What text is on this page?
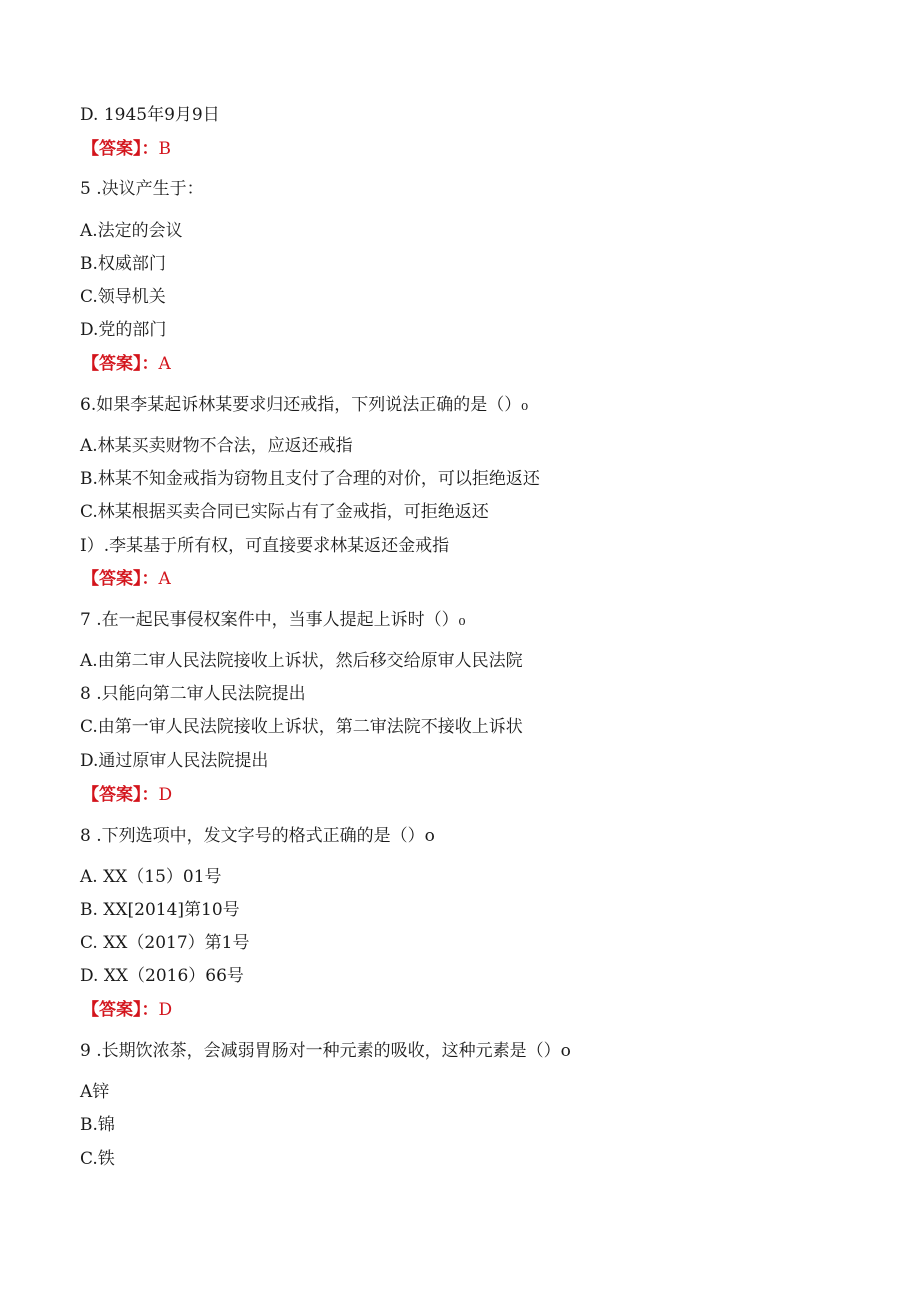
D. 1945年9月9日
【答案】：B
5 .决议产生于：
A.法定的会议
B.权威部门
C.领导机关
D.党的部门
【答案】：A
6.如果李某起诉林某要求归还戒指，下列说法正确的是（）₀
A.林某买卖财物不合法，应返还戒指
B.林某不知金戒指为窃物且支付了合理的对价，可以拒绝返还
C.林某根据买卖合同已实际占有了金戒指，可拒绝返还
I）.李某基于所有权，可直接要求林某返还金戒指
【答案】：A
7 .在一起民事侵权案件中，当事人提起上诉时（）₀
A.由第二审人民法院接收上诉状，然后移交给原审人民法院
8 .只能向第二审人民法院提出
C.由第一审人民法院接收上诉状，第二审法院不接收上诉状
D.通过原审人民法院提出
【答案】：D
8 .下列选项中，发文字号的格式正确的是（）o
A. XX（15）01号
B. XX[2014]第10号
C. XX（2017）第1号
D. XX（2016）66号
【答案】：D
9 .长期饮浓茶，会减弱胃肠对一种元素的吸收，这种元素是（）o
A锌
B.锦
C.铁
